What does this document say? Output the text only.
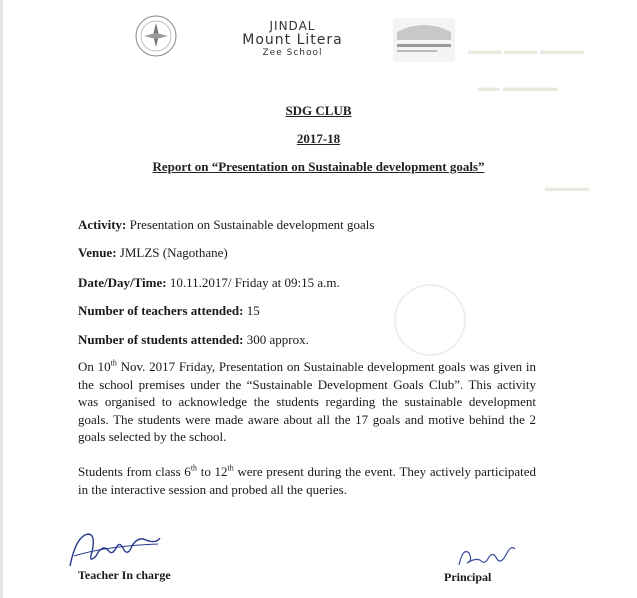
▬▬▬ ▬▬▬ ▬▬▬▬
▬▬ ▬▬▬▬▬
▬▬▬▬
JINDAL
Mount Litera
Zee School
SDG CLUB
2017-18
Report on “Presentation on Sustainable development goals”
Activity: Presentation on Sustainable development goals
Venue: JMLZS (Nagothane)
Date/Day/Time: 10.11.2017/ Friday at 09:15 a.m.
Number of teachers attended: 15
Number of students attended: 300 approx.
On 10th Nov. 2017 Friday, Presentation on Sustainable development goals was given in the school premises under the “Sustainable Development Goals Club”. This activity was organised to acknowledge the students regarding the sustainable development goals. The students were made aware about all the 17 goals and motive behind the 2 goals selected by the school.
Students from class 6th to 12th were present during the event. They actively participated in the interactive session and probed all the queries.
Teacher In charge	Principal
